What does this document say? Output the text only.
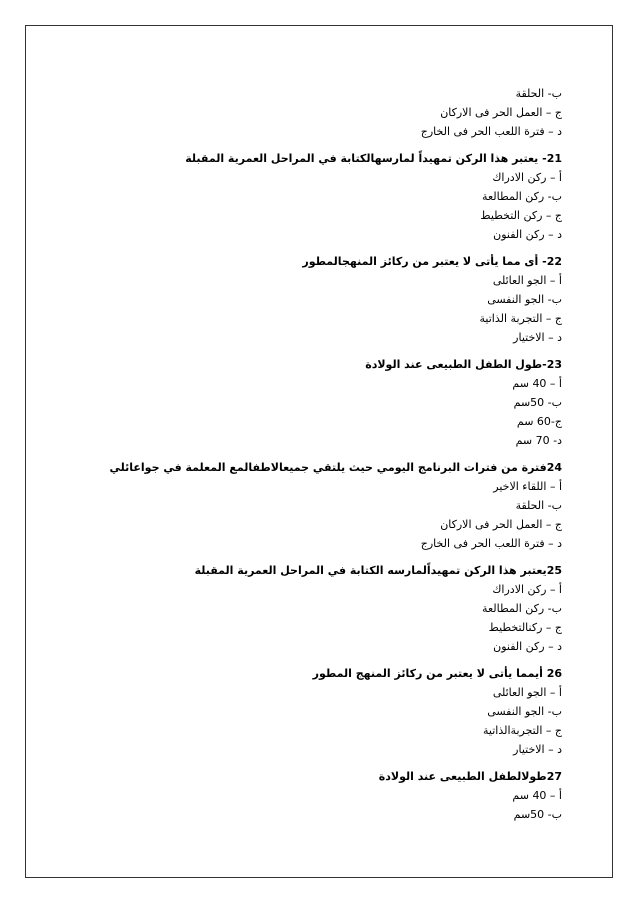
ب- الحلقة
ج – العمل الحر فى الاركان
د – فترة اللعب الحر فى الخارج
21- يعتبر هذا الركن تمهيداً لمارسهالكتابة في المراحل العمرية المقبلة
أ – ركن الادراك
ب- ركن المطالعة
ج – ركن التخطيط
د – ركن الفنون
22- أى مما يأتى لا يعتبر من ركائز المنهجالمطور
أ – الجو العائلى
ب- الجو النفسى
ج – التجربة الذاتية
د – الاختيار
23-طول الطفل الطبيعى عند الولادة
أ – 40 سم
ب- 50سم
ج-60 سم
د- 70 سم
24فترة من فترات البرنامج اليومي حيث يلتقي جميعالاطفالمع المعلمة في جواعائلي
أ – اللقاء الاخير
ب- الحلقة
ج – العمل الحر فى الاركان
د – فترة اللعب الحر فى الخارج
25يعتبر هذا الركن تمهيداًلمارسه الكتابة في المراحل العمرية المقبلة
أ – ركن الادراك
ب- ركن المطالعة
ج – ركنالتخطيط
د – ركن الفنون
26 أيمما يأتى لا يعتبر من ركائز المنهج المطور
أ – الجو العائلى
ب- الجو النفسى
ج – التجربةالذاتية
د – الاختيار
27طولالطفل الطبيعى عند الولادة
أ – 40 سم
ب- 50سم
